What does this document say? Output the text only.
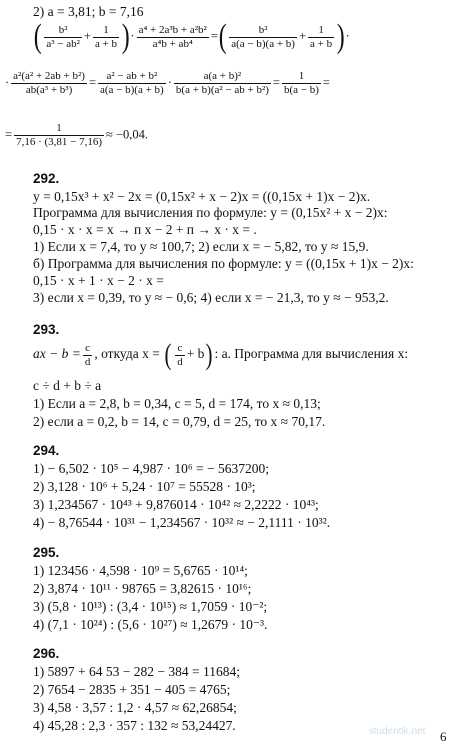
2) a = 3,81; b = 7,16
( $\frac{\text{b²}}{\text{a³ − ab²}} + \frac{1}{a + b}$ )· $\frac{\text{a⁴ + 2a³b + a²b²}}{\text{a⁴b + ab⁴}}$ =( $\frac{\text{b²}}{a(a - b)(a + b)} + \frac{1}{a + b}$ )·
· $\frac{\text{a²(a² + 2ab + b²)}}{\text{ab(a³ + b³)}} = \frac{\text{a² − ab + b²}}{a(a - b)(a + b)} \cdot \frac{\text{a(a + b)²}}{\text{b(a + b)(a² − ab + b²)}} = \frac{1}{b(a - b)}$ =
= $\frac{1}{7,16 \cdot (3,81 - 7,16)} \approx -0,04$.
292.
y = 0,15x³ + x² − 2x = (0,15x² + x − 2)x = ((0,15x + 1)x − 2)x.
Программа для вычисления по формуле: y = (0,15x² + x − 2)x:
0,15 · x · x = x → п x − 2 + п → x · x = .
1) Если x = 7,4, то y ≈ 100,7; 2) если x = − 5,82, то y ≈ 15,9.
б) Программа для вычисления по формуле: y = ((0,15x + 1)x − 2)x:
0,15 · x + 1 · x − 2 · x =
3) если x = 0,39, то y ≈ − 0,6; 4) если x = − 21,3, то y ≈ − 953,2.
293.
ax − $b = \frac{c}{d}$ , откуда x = ( $\frac{c}{d} + b$) : a. Программа для вычисления x:
c ÷ d + b ÷ a
1) Если a = 2,8, b = 0,34, c = 5, d = 174, то x ≈ 0,13;
2) если a = 0,2, b = 14, c = 0,79, d = 25, то x ≈ 70,17.
294.
1) − 6,502 · 10⁵ − 4,987 · 10⁶ = − 5637200;
2) 3,128 · 10⁶ + 5,24 · 10⁷ = 55528 · 10³;
3) 1,234567 · 10⁴³ + 9,876014 · 10⁴² ≈ 2,2222 · 10⁴³;
4) − 8,76544 · 10³¹ − 1,234567 · 10³² ≈ − 2,1111 · 10³².
295.
1) 123456 · 4,598 · 10⁹ = 5,6765 · 10¹⁴;
2) 3,874 · 10¹¹ · 98765 = 3,82615 · 10¹⁶;
3) (5,8 · 10¹³) : (3,4 · 10¹⁵) ≈ 1,7059 · 10⁻²;
4) (7,1 · 10²⁴) : (5,6 · 10²⁷) ≈ 1,2679 · 10⁻³.
296.
1) 5897 + 64 53 − 282 − 384 = 11684;
2) 7654 − 2835 + 351 − 405 = 4765;
3) 4,58 · 3,57 : 1,2 · 4,57 ≈ 62,26854;
4) 45,28 : 2,3 · 357 : 132 ≈ 53,24427.	studentik.net 6
